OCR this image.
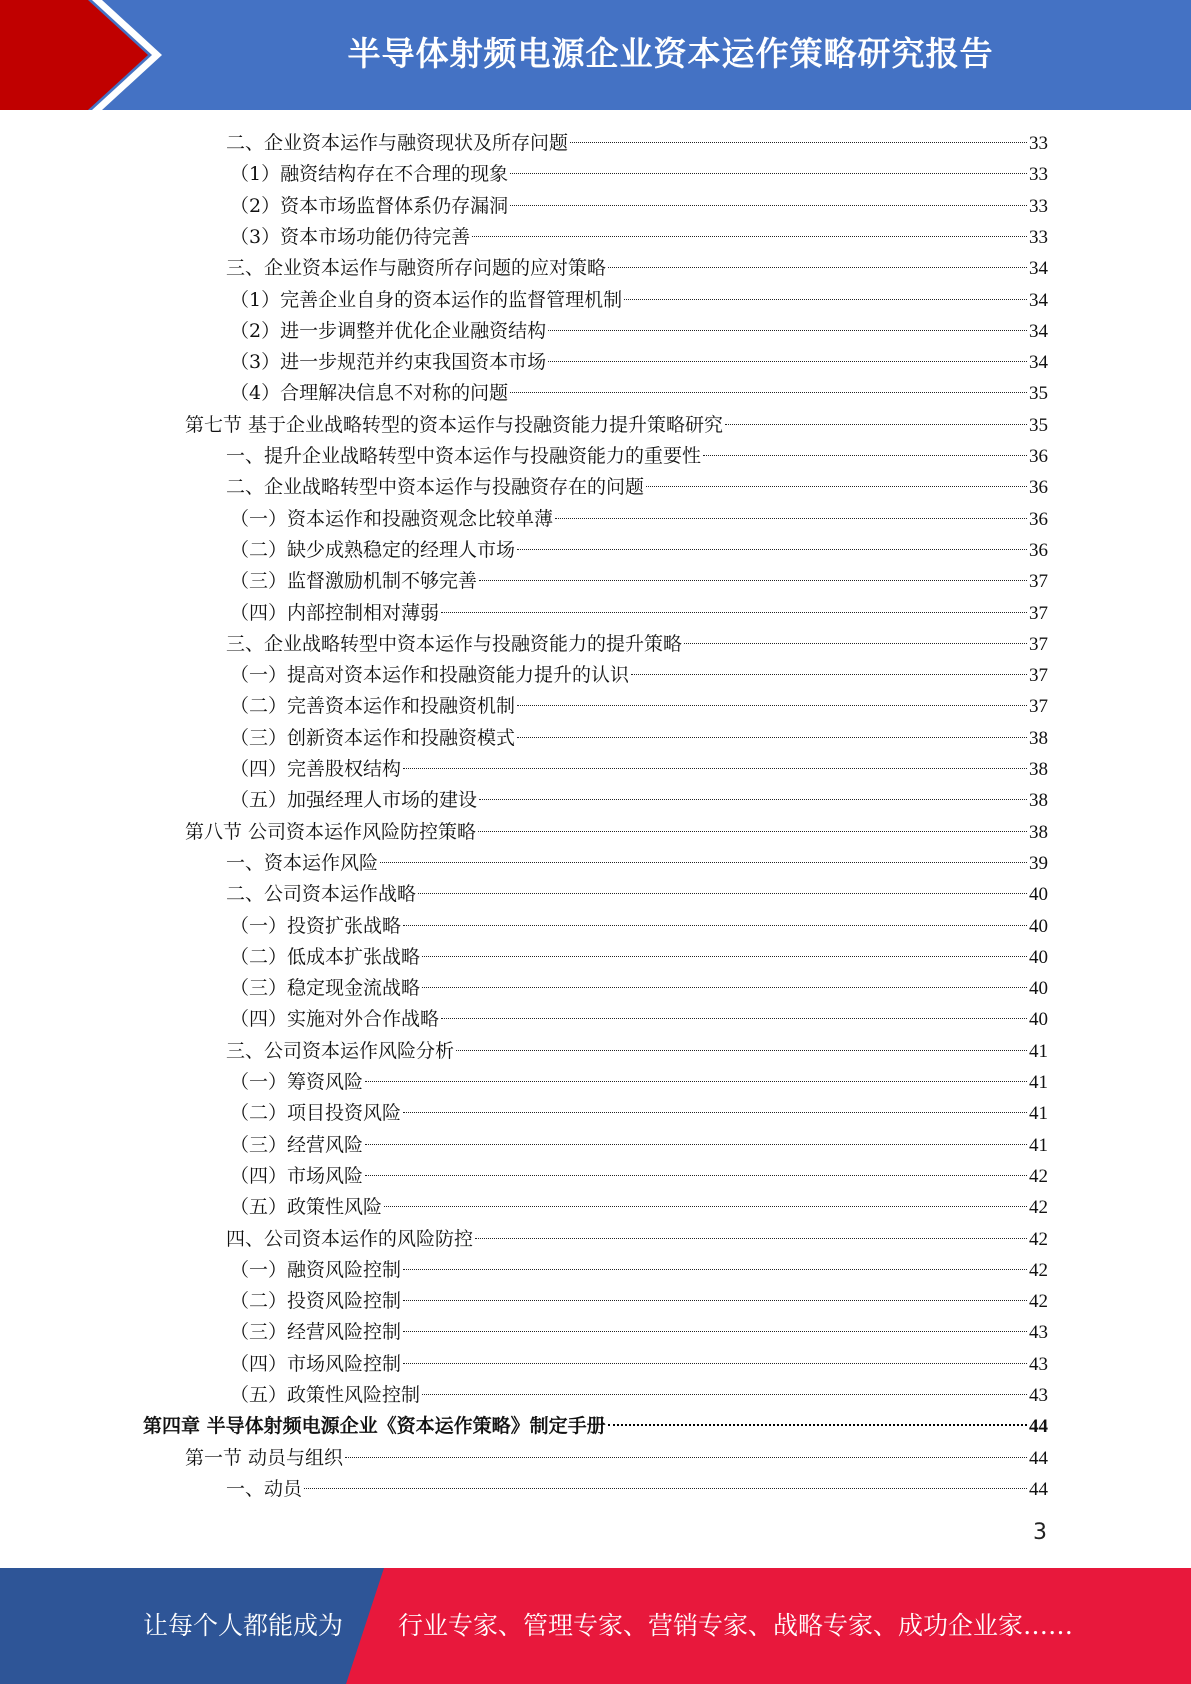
半导体射频电源企业资本运作策略研究报告
二、企业资本运作与融资现状及所存问题	33
（1）融资结构存在不合理的现象	33
（2）资本市场监督体系仍存漏洞	33
（3）资本市场功能仍待完善	33
三、企业资本运作与融资所存问题的应对策略	34
（1）完善企业自身的资本运作的监督管理机制	34
（2）进一步调整并优化企业融资结构	34
（3）进一步规范并约束我国资本市场	34
（4）合理解决信息不对称的问题	35
第七节 基于企业战略转型的资本运作与投融资能力提升策略研究	35
一、提升企业战略转型中资本运作与投融资能力的重要性	36
二、企业战略转型中资本运作与投融资存在的问题	36
（一）资本运作和投融资观念比较单薄	36
（二）缺少成熟稳定的经理人市场	36
（三）监督激励机制不够完善	37
（四）内部控制相对薄弱	37
三、企业战略转型中资本运作与投融资能力的提升策略	37
（一）提高对资本运作和投融资能力提升的认识	37
（二）完善资本运作和投融资机制	37
（三）创新资本运作和投融资模式	38
（四）完善股权结构	38
（五）加强经理人市场的建设	38
第八节 公司资本运作风险防控策略	38
一、资本运作风险	39
二、公司资本运作战略	40
（一）投资扩张战略	40
（二）低成本扩张战略	40
（三）稳定现金流战略	40
（四）实施对外合作战略	40
三、公司资本运作风险分析	41
（一）筹资风险	41
（二）项目投资风险	41
（三）经营风险	41
（四）市场风险	42
（五）政策性风险	42
四、公司资本运作的风险防控	42
（一）融资风险控制	42
（二）投资风险控制	42
（三）经营风险控制	43
（四）市场风险控制	43
（五）政策性风险控制	43
第四章 半导体射频电源企业《资本运作策略》制定手册	44
第一节 动员与组织	44
一、动员	44
3
让每个人都能成为 行业专家、管理专家、营销专家、战略专家、成功企业家……
